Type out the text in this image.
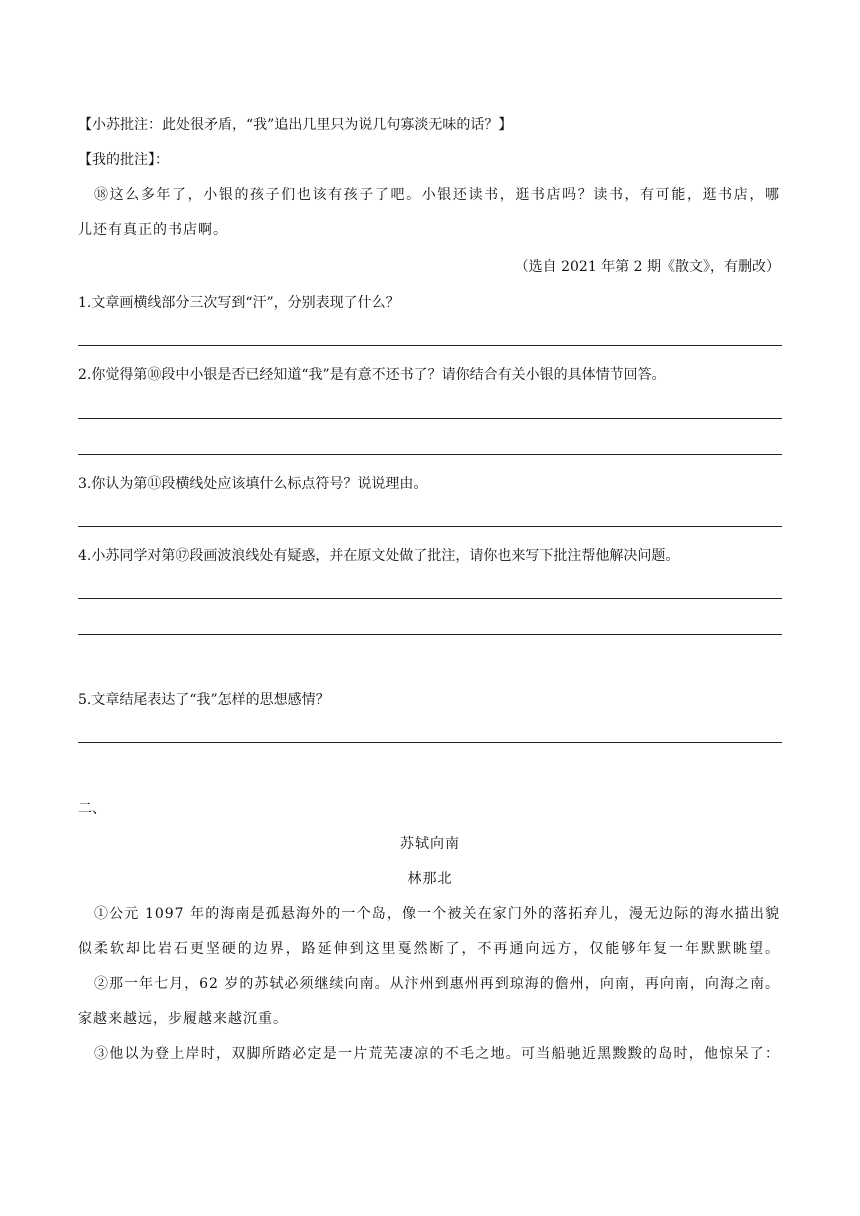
【小苏批注：此处很矛盾，“我”追出几里只为说几句寡淡无味的话？】
【我的批注】：
⑱这么多年了，小银的孩子们也该有孩子了吧。小银还读书，逛书店吗？读书，有可能，逛书店，哪
儿还有真正的书店啊。
（选自 2021 年第 2 期《散文》，有删改）
1.文章画横线部分三次写到“汗”，分别表现了什么？
2.你觉得第⑩段中小银是否已经知道“我”是有意不还书了？请你结合有关小银的具体情节回答。
3.你认为第⑪段横线处应该填什么标点符号？说说理由。
4.小苏同学对第⑰段画波浪线处有疑惑，并在原文处做了批注，请你也来写下批注帮他解决问题。
5.文章结尾表达了“我”怎样的思想感情？
二、
苏轼向南
林那北
①公元 1097 年的海南是孤悬海外的一个岛，像一个被关在家门外的落拓弃儿，漫无边际的海水描出貌
似柔软却比岩石更坚硬的边界，路延伸到这里戛然断了，不再通向远方，仅能够年复一年默默眺望。
②那一年七月，62 岁的苏轼必须继续向南。从汴州到惠州再到琼海的儋州，向南，再向南，向海之南。
家越来越远，步履越来越沉重。
③他以为登上岸时，双脚所踏必定是一片荒芜凄凉的不毛之地。可当船驰近黑黢黢的岛时，他惊呆了：
